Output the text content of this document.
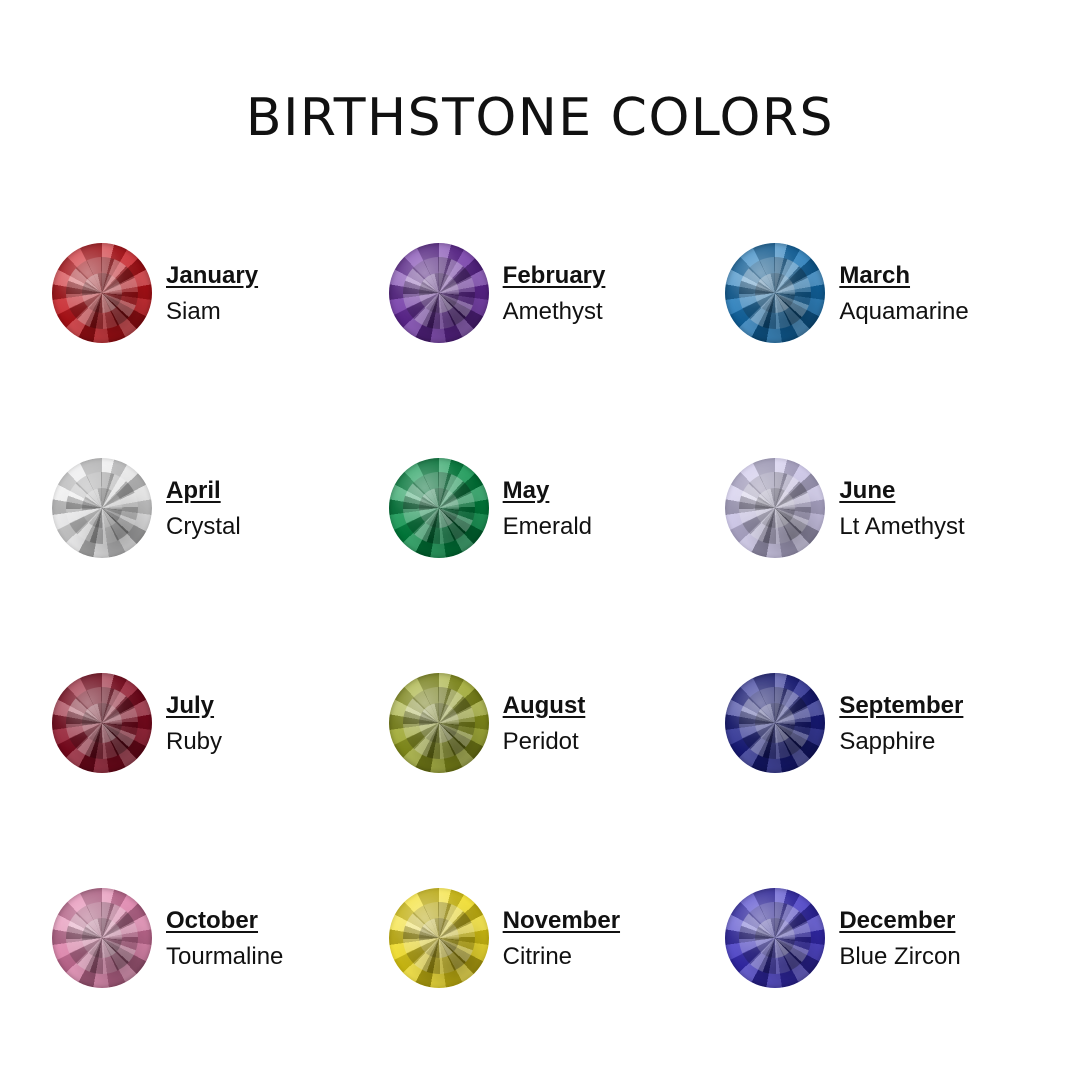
BIRTHSTONE COLORS
January
Siam
February
Amethyst
March
Aquamarine
April
Crystal
May
Emerald
June
Lt Amethyst
July
Ruby
August
Peridot
September
Sapphire
October
Tourmaline
November
Citrine
December
Blue Zircon
